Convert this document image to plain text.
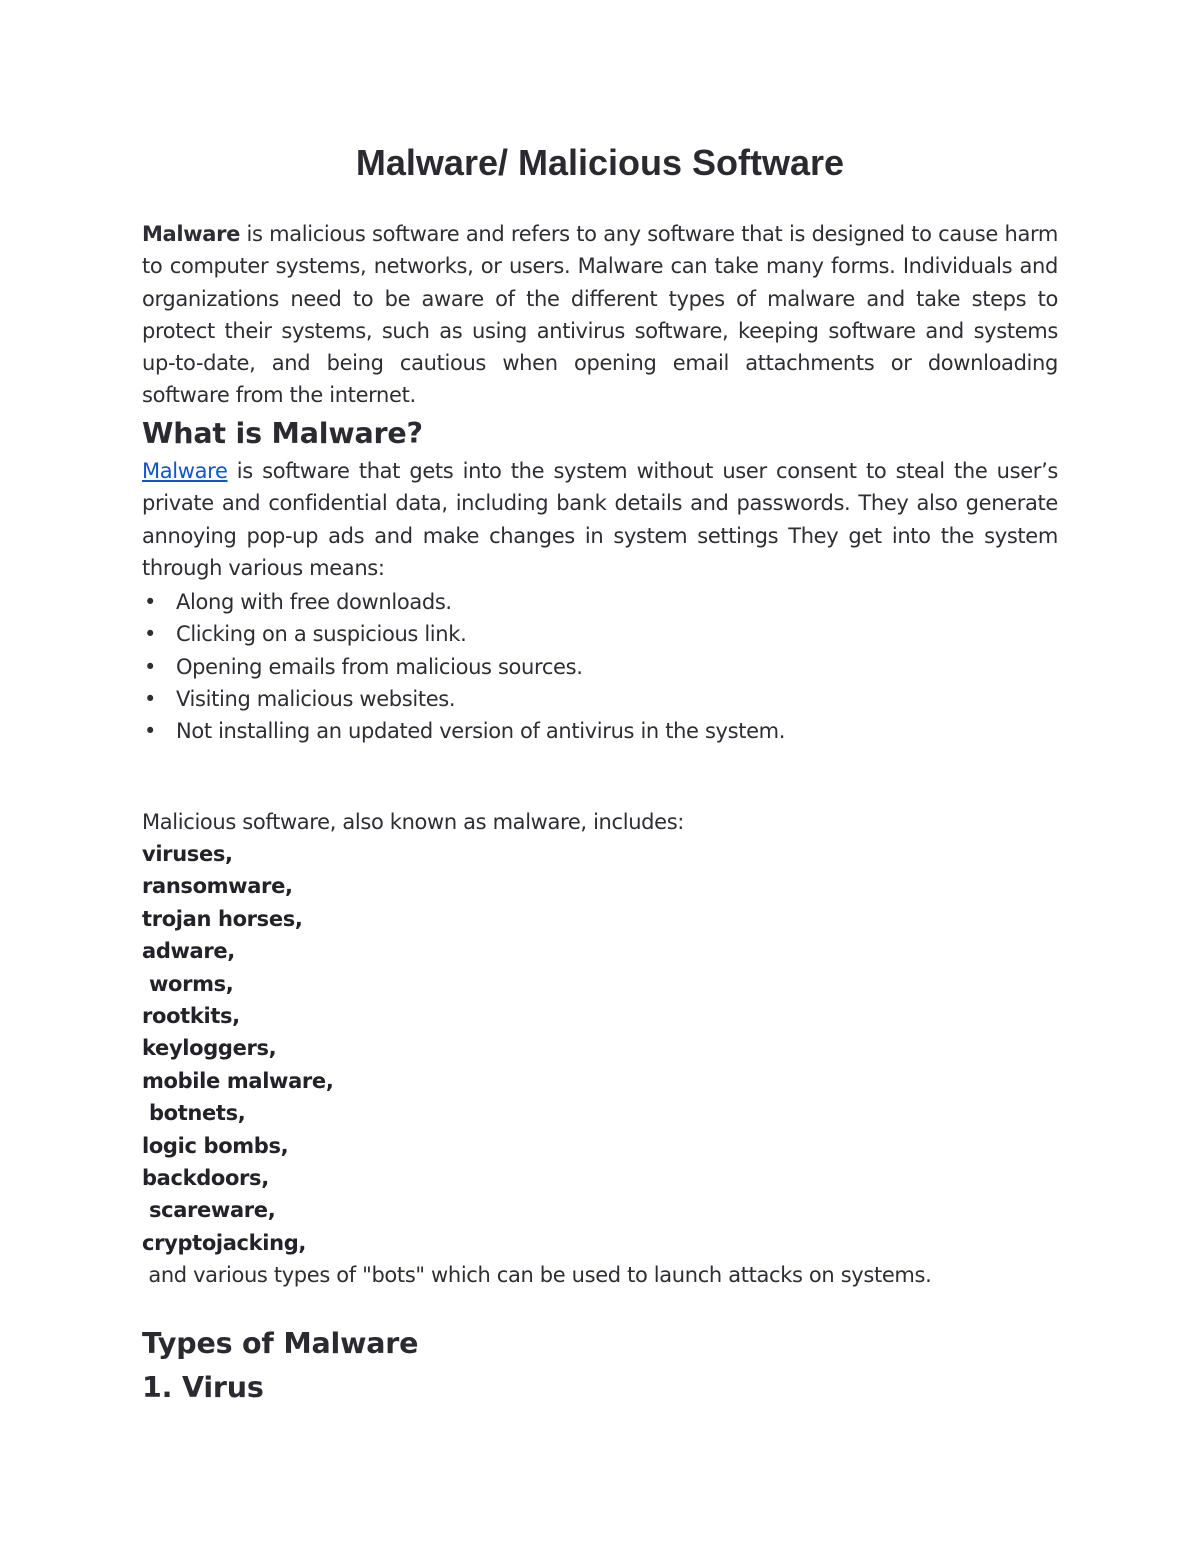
Malware/ Malicious Software

Malware is malicious software and refers to any software that is designed to cause harm to computer systems, networks, or users. Malware can take many forms. Individuals and organizations need to be aware of the different types of malware and take steps to protect their systems, such as using antivirus software, keeping software and systems up-to-date, and being cautious when opening email attachments or downloading software from the internet.

What is Malware?

Malware is software that gets into the system without user consent to steal the user’s private and confidential data, including bank details and passwords. They also generate annoying pop-up ads and make changes in system settings They get into the system through various means:

• Along with free downloads.
• Clicking on a suspicious link.
• Opening emails from malicious sources.
• Visiting malicious websites.
• Not installing an updated version of antivirus in the system.

Malicious software, also known as malware, includes:

viruses,
ransomware,
trojan horses,
adware,
worms,
rootkits,
keyloggers,
mobile malware,
botnets,
logic bombs,
backdoors,
scareware,
cryptojacking,

and various types of "bots" which can be used to launch attacks on systems.

Types of Malware
1. Virus
